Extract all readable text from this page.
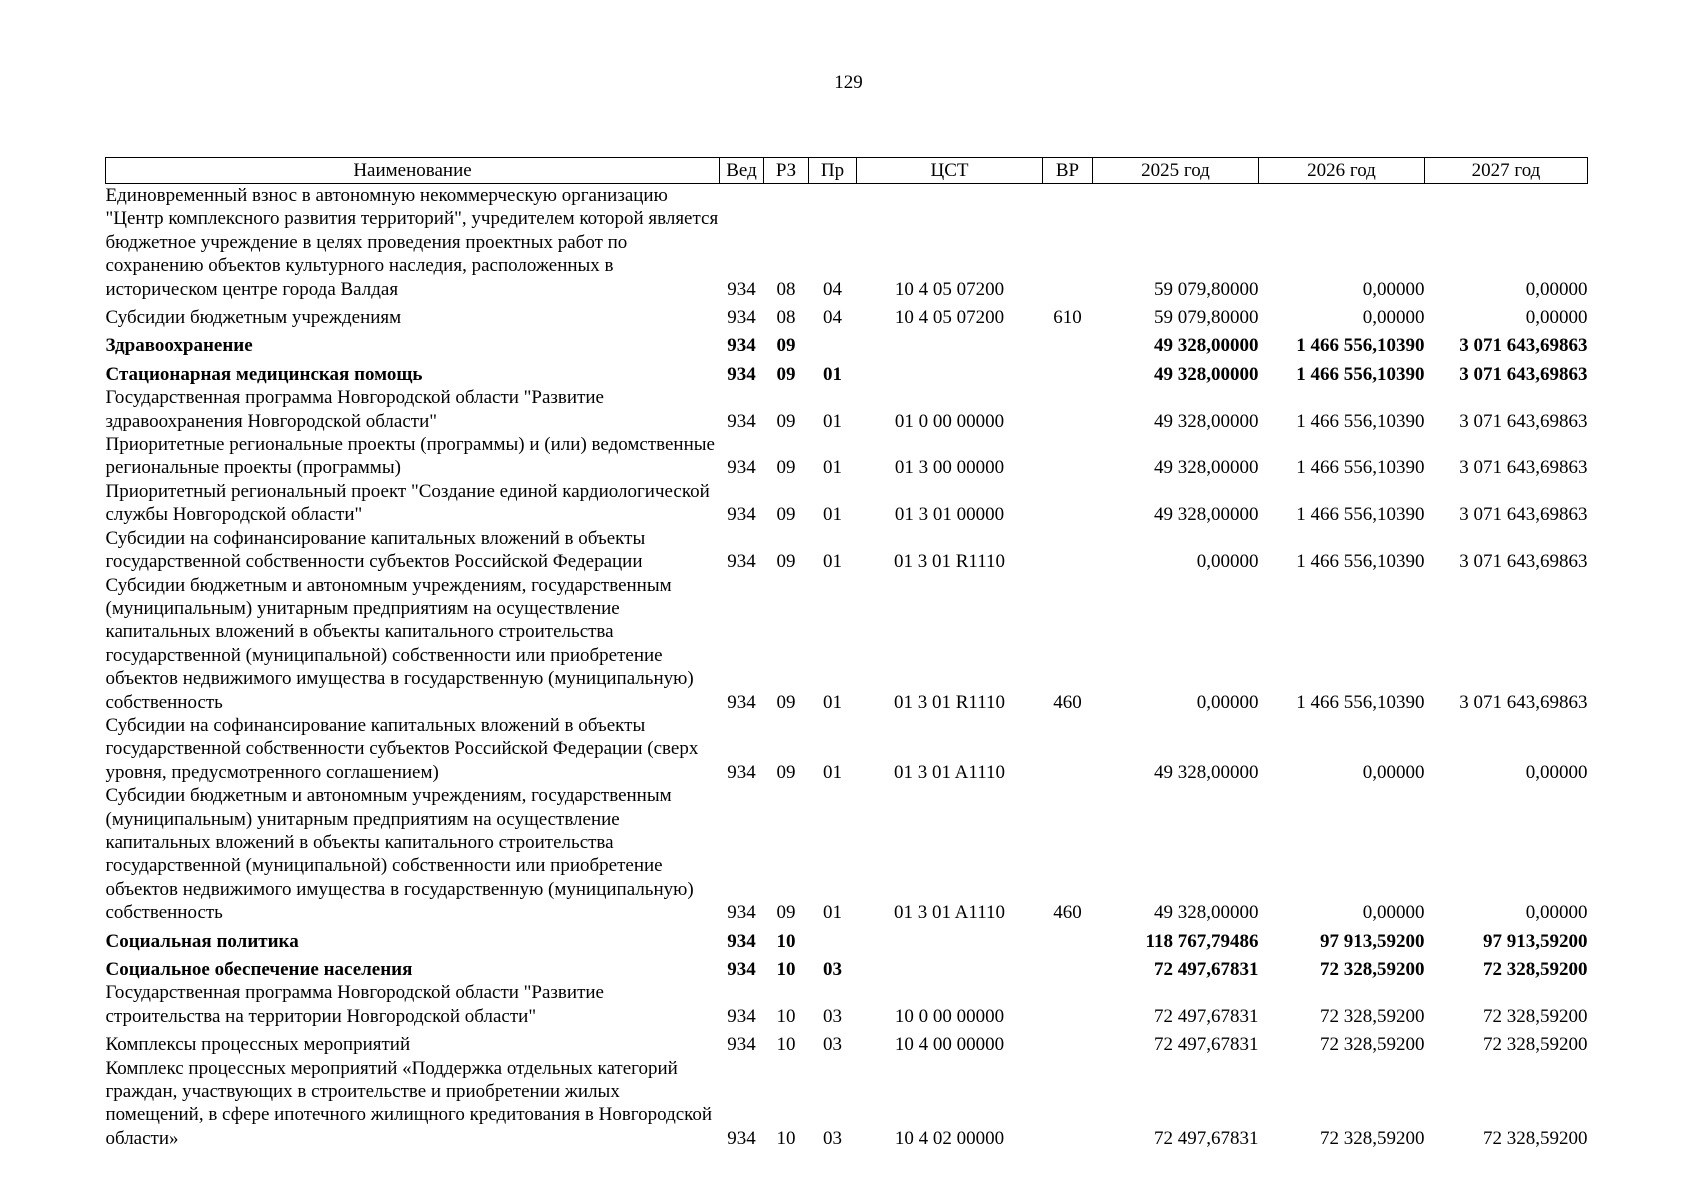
129
Наименование	Вед	РЗ	Пр	ЦСТ	ВР	2025 год	2026 год	2027 год
Единовременный взнос в автономную некоммерческую организацию "Центр комплексного развития территорий", учредителем которой является бюджетное учреждение в целях проведения проектных работ по сохранению объектов культурного наследия, расположенных в историческом центре города Валдая	934	08	04	10 4 05 07200		59 079,80000	0,00000	0,00000
Субсидии бюджетным учреждениям	934	08	04	10 4 05 07200	610	59 079,80000	0,00000	0,00000
Здравоохранение	934	09				49 328,00000	1 466 556,10390	3 071 643,69863
Стационарная медицинская помощь	934	09	01			49 328,00000	1 466 556,10390	3 071 643,69863
Государственная программа Новгородской области "Развитие здравоохранения Новгородской области"	934	09	01	01 0 00 00000		49 328,00000	1 466 556,10390	3 071 643,69863
Приоритетные региональные проекты (программы) и (или) ведомственные региональные проекты (программы)	934	09	01	01 3 00 00000		49 328,00000	1 466 556,10390	3 071 643,69863
Приоритетный региональный проект "Создание единой кардиологической службы Новгородской области"	934	09	01	01 3 01 00000		49 328,00000	1 466 556,10390	3 071 643,69863
Субсидии на софинансирование капитальных вложений в объекты государственной собственности субъектов Российской Федерации	934	09	01	01 3 01 R1110		0,00000	1 466 556,10390	3 071 643,69863
Субсидии бюджетным и автономным учреждениям, государственным (муниципальным) унитарным предприятиям на осуществление капитальных вложений в объекты капитального строительства государственной (муниципальной) собственности или приобретение объектов недвижимого имущества в государственную (муниципальную) собственность	934	09	01	01 3 01 R1110	460	0,00000	1 466 556,10390	3 071 643,69863
Субсидии на софинансирование капитальных вложений в объекты государственной собственности субъектов Российской Федерации (сверх уровня, предусмотренного соглашением)	934	09	01	01 3 01 A1110		49 328,00000	0,00000	0,00000
Субсидии бюджетным и автономным учреждениям, государственным (муниципальным) унитарным предприятиям на осуществление капитальных вложений в объекты капитального строительства государственной (муниципальной) собственности или приобретение объектов недвижимого имущества в государственную (муниципальную) собственность	934	09	01	01 3 01 A1110	460	49 328,00000	0,00000	0,00000
Социальная политика	934	10				118 767,79486	97 913,59200	97 913,59200
Социальное обеспечение населения	934	10	03			72 497,67831	72 328,59200	72 328,59200
Государственная программа Новгородской области "Развитие строительства на территории Новгородской области"	934	10	03	10 0 00 00000		72 497,67831	72 328,59200	72 328,59200
Комплексы процессных мероприятий	934	10	03	10 4 00 00000		72 497,67831	72 328,59200	72 328,59200
Комплекс процессных мероприятий «Поддержка отдельных категорий граждан, участвующих в строительстве и приобретении жилых помещений, в сфере ипотечного жилищного кредитования в Новгородской области»	934	10	03	10 4 02 00000		72 497,67831	72 328,59200	72 328,59200
